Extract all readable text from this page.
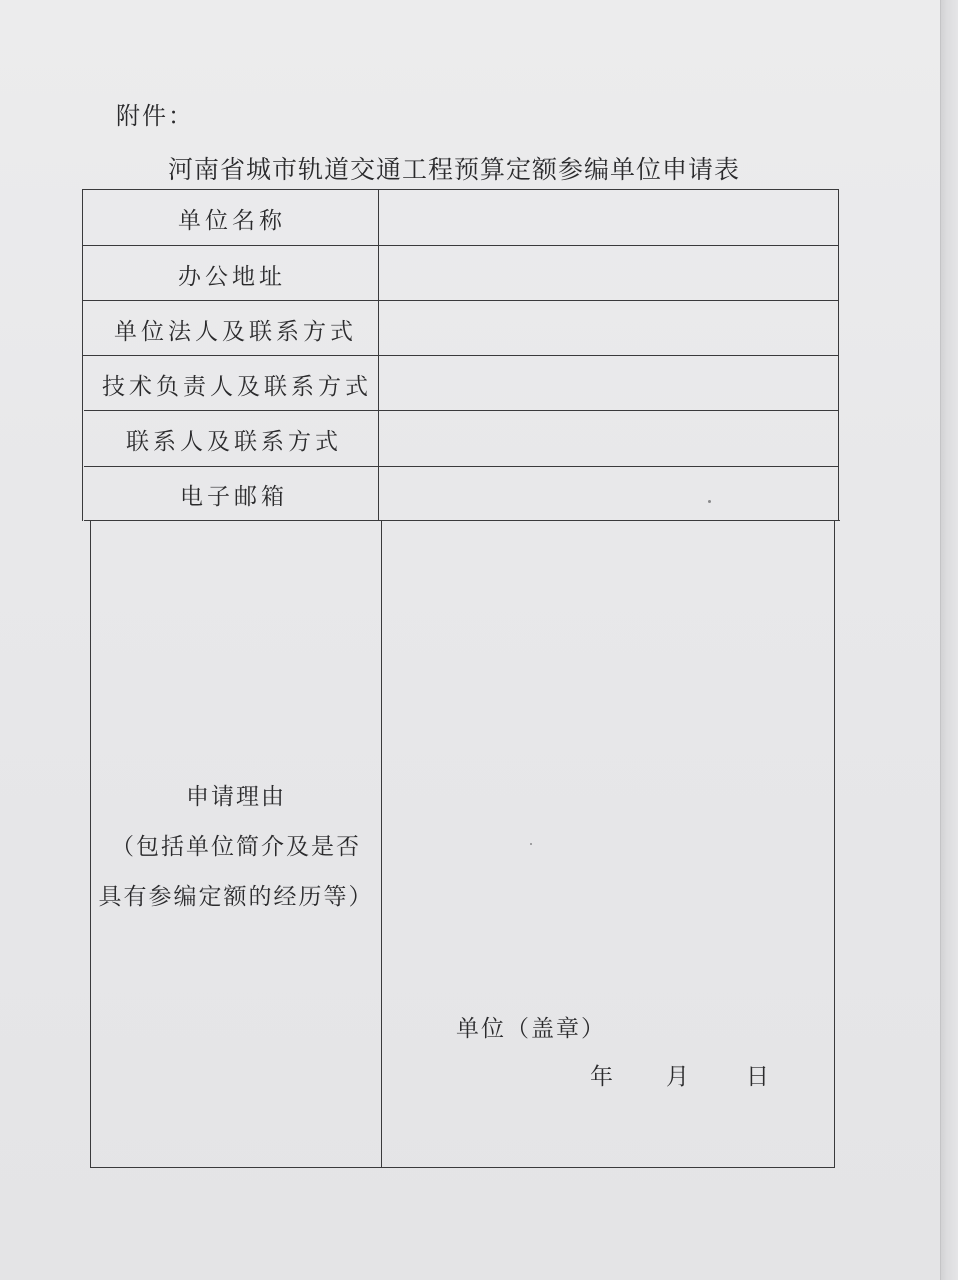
附件：
河南省城市轨道交通工程预算定额参编单位申请表
单位名称
办公地址
单位法人及联系方式
技术负责人及联系方式
联系人及联系方式
电子邮箱
申请理由
（包括单位简介及是否
具有参编定额的经历等）
单位（盖章）
年 月 日
